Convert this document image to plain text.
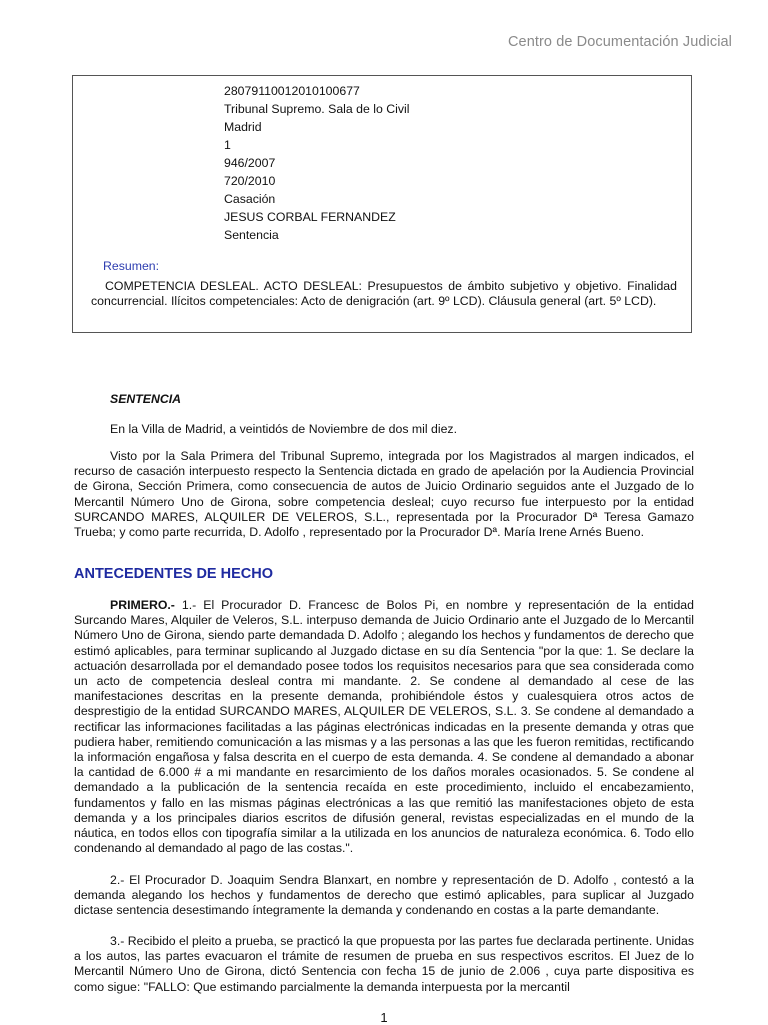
Centro de Documentación Judicial
28079110012010100677
Tribunal Supremo. Sala de lo Civil
Madrid
1
946/2007
720/2010
Casación
JESUS CORBAL FERNANDEZ
Sentencia
Resumen:
COMPETENCIA DESLEAL. ACTO DESLEAL: Presupuestos de ámbito subjetivo y objetivo. Finalidad concurrencial. Ilícitos competenciales: Acto de denigración (art. 9º LCD). Cláusula general (art. 5º LCD).
SENTENCIA
En la Villa de Madrid, a veintidós de Noviembre de dos mil diez.
Visto por la Sala Primera del Tribunal Supremo, integrada por los Magistrados al margen indicados, el recurso de casación interpuesto respecto la Sentencia dictada en grado de apelación por la Audiencia Provincial de Girona, Sección Primera, como consecuencia de autos de Juicio Ordinario seguidos ante el Juzgado de lo Mercantil Número Uno de Girona, sobre competencia desleal; cuyo recurso fue interpuesto por la entidad SURCANDO MARES, ALQUILER DE VELEROS, S.L., representada por la Procurador Dª Teresa Gamazo Trueba; y como parte recurrida, D. Adolfo , representado por la Procurador Dª. María Irene Arnés Bueno.
ANTECEDENTES DE HECHO
PRIMERO.- 1.- El Procurador D. Francesc de Bolos Pi, en nombre y representación de la entidad Surcando Mares, Alquiler de Veleros, S.L. interpuso demanda de Juicio Ordinario ante el Juzgado de lo Mercantil Número Uno de Girona, siendo parte demandada D. Adolfo ; alegando los hechos y fundamentos de derecho que estimó aplicables, para terminar suplicando al Juzgado dictase en su día Sentencia "por la que: 1. Se declare la actuación desarrollada por el demandado posee todos los requisitos necesarios para que sea considerada como un acto de competencia desleal contra mi mandante. 2. Se condene al demandado al cese de las manifestaciones descritas en la presente demanda, prohibiéndole éstos y cualesquiera otros actos de desprestigio de la entidad SURCANDO MARES, ALQUILER DE VELEROS, S.L. 3. Se condene al demandado a rectificar las informaciones facilitadas a las páginas electrónicas indicadas en la presente demanda y otras que pudiera haber, remitiendo comunicación a las mismas y a las personas a las que les fueron remitidas, rectificando la información engañosa y falsa descrita en el cuerpo de esta demanda. 4. Se condene al demandado a abonar la cantidad de 6.000 # a mi mandante en resarcimiento de los daños morales ocasionados. 5. Se condene al demandado a la publicación de la sentencia recaída en este procedimiento, incluido el encabezamiento, fundamentos y fallo en las mismas páginas electrónicas a las que remitió las manifestaciones objeto de esta demanda y a los principales diarios escritos de difusión general, revistas especializadas en el mundo de la náutica, en todos ellos con tipografía similar a la utilizada en los anuncios de naturaleza económica. 6. Todo ello condenando al demandado al pago de las costas.".
2.- El Procurador D. Joaquim Sendra Blanxart, en nombre y representación de D. Adolfo , contestó a la demanda alegando los hechos y fundamentos de derecho que estimó aplicables, para suplicar al Juzgado dictase sentencia desestimando íntegramente la demanda y condenando en costas a la parte demandante.
3.- Recibido el pleito a prueba, se practicó la que propuesta por las partes fue declarada pertinente. Unidas a los autos, las partes evacuaron el trámite de resumen de prueba en sus respectivos escritos. El Juez de lo Mercantil Número Uno de Girona, dictó Sentencia con fecha 15 de junio de 2.006 , cuya parte dispositiva es como sigue: "FALLO: Que estimando parcialmente la demanda interpuesta por la mercantil
1
